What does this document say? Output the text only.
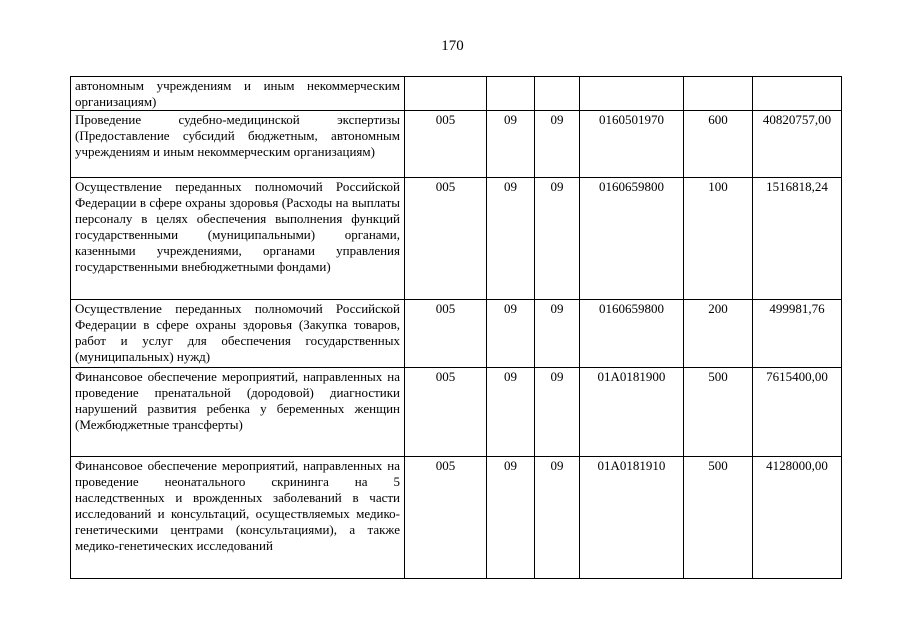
170
автономным учреждениям и иным некоммерческим организациям)						
Проведение судебно-медицинской экспертизы (Предоставление субсидий бюджетным, автономным учреждениям и иным некоммерческим организациям)	005	09	09	0160501970	600	40820757,00
Осуществление переданных полномочий Российской Федерации в сфере охраны здоровья (Расходы на выплаты персоналу в целях обеспечения выполнения функций государственными (муниципальными) органами, казенными учреждениями, органами управления государственными внебюджетными фондами)	005	09	09	0160659800	100	1516818,24
Осуществление переданных полномочий Российской Федерации в сфере охраны здоровья (Закупка товаров, работ и услуг для обеспечения государственных (муниципальных) нужд)	005	09	09	0160659800	200	499981,76
Финансовое обеспечение мероприятий, направленных на проведение пренатальной (дородовой) диагностики нарушений развития ребенка у беременных женщин (Межбюджетные трансферты)	005	09	09	01А0181900	500	7615400,00
Финансовое обеспечение мероприятий, направленных на проведение неонатального скрининга на 5 наследственных и врожденных заболеваний в части исследований и консультаций, осуществляемых медико-генетическими центрами (консультациями), а также медико-генетических исследований	005	09	09	01А0181910	500	4128000,00
